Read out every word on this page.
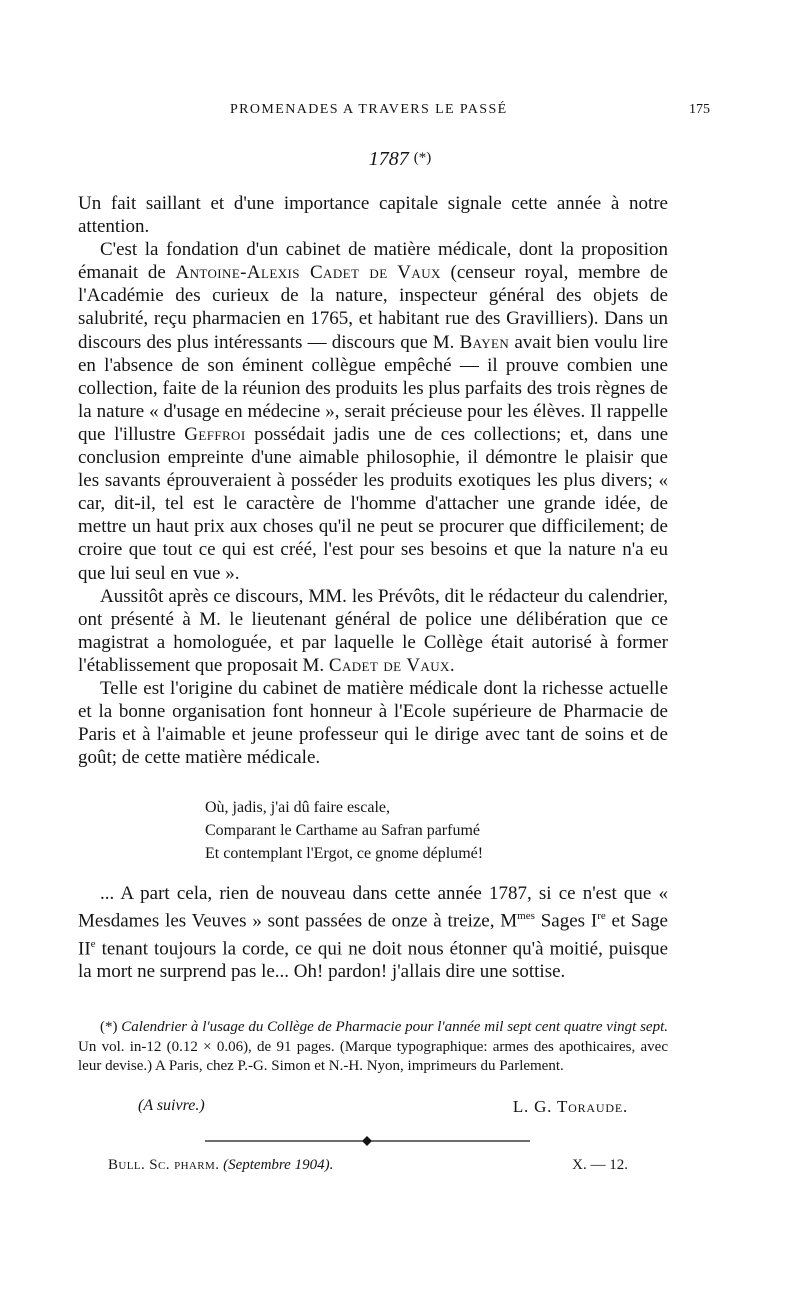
PROMENADES A TRAVERS LE PASSÉ	175
1787 (*)

Un fait saillant et d'une importance capitale signale cette année à notre attention.

C'est la fondation d'un cabinet de matière médicale, dont la proposition émanait de Antoine-Alexis Cadet de Vaux (censeur royal, membre de l'Académie des curieux de la nature, inspecteur général des objets de salubrité, reçu pharmacien en 1765, et habitant rue des Gravilliers). Dans un discours des plus intéressants — discours que M. Bayen avait bien voulu lire en l'absence de son éminent collègue empêché — il prouve combien une collection, faite de la réunion des produits les plus parfaits des trois règnes de la nature « d'usage en médecine », serait précieuse pour les élèves. Il rappelle que l'illustre Geffroi possédait jadis une de ces collections; et, dans une conclusion empreinte d'une aimable philosophie, il démontre le plaisir que les savants éprouveraient à posséder les produits exotiques les plus divers; « car, dit-il, tel est le caractère de l'homme d'attacher une grande idée, de mettre un haut prix aux choses qu'il ne peut se procurer que difficilement; de croire que tout ce qui est créé, l'est pour ses besoins et que la nature n'a eu que lui seul en vue ».

Aussitôt après ce discours, MM. les Prévôts, dit le rédacteur du calendrier, ont présenté à M. le lieutenant général de police une délibération que ce magistrat a homologuée, et par laquelle le Collège était autorisé à former l'établissement que proposait M. Cadet de Vaux.

Telle est l'origine du cabinet de matière médicale dont la richesse actuelle et la bonne organisation font honneur à l'Ecole supérieure de Pharmacie de Paris et à l'aimable et jeune professeur qui le dirige avec tant de soins et de goût; de cette matière médicale.

Où, jadis, j'ai dû faire escale,
Comparant le Carthame au Safran parfumé
Et contemplant l'Ergot, ce gnome déplumé!

... A part cela, rien de nouveau dans cette année 1787, si ce n'est que « Mesdames les Veuves » sont passées de onze à treize, $M^{mes}$ Sages Ire et Sage IIe tenant toujours la corde, ce qui ne doit nous étonner qu'à moitié, puisque la mort ne surprend pas le... Oh! pardon! j'allais dire une sottise.

(*) Calendrier à l'usage du Collège de Pharmacie pour l'année mil sept cent quatre vingt sept. Un vol. in-12 (0.12 × 0.06), de 91 pages. (Marque typographique: armes des apothicaires, avec leur devise.) A Paris, chez P.-G. Simon et N.-H. Nyon, imprimeurs du Parlement.

(A suivre.)	L. G. Toraude.
Bull. Sc. pharm. (Septembre 1904).	X. — 12.
